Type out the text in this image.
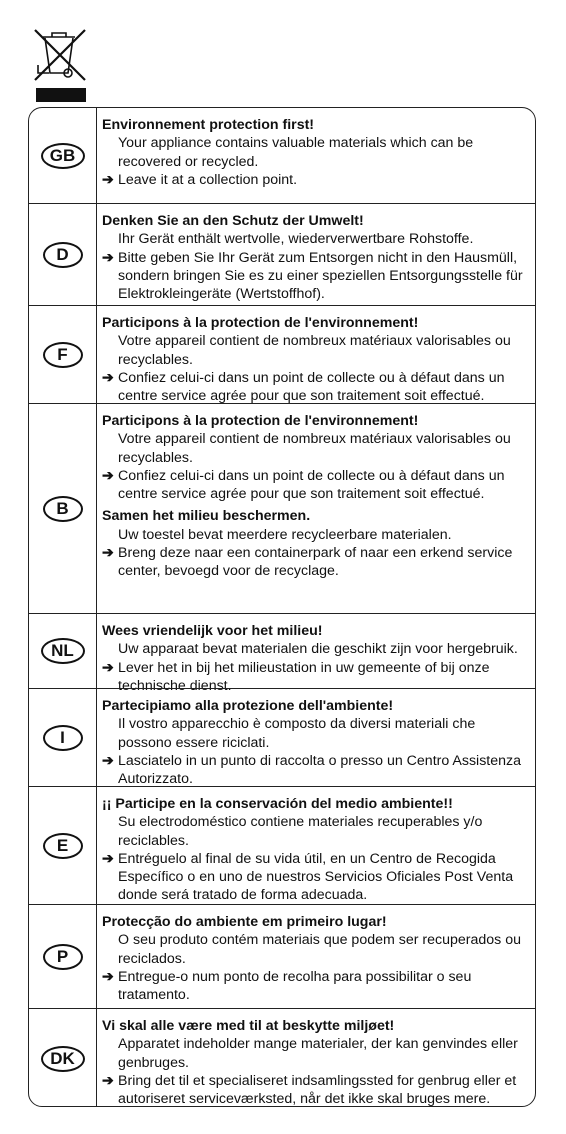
GB
Environnement protection first!
Your appliance contains valuable materials which can be recovered or recycled.
➔ Leave it at a collection point.
D
Denken Sie an den Schutz der Umwelt!
Ihr Gerät enthält wertvolle, wiederverwertbare Rohstoffe.
➔ Bitte geben Sie Ihr Gerät zum Entsorgen nicht in den Hausmüll, sondern bringen Sie es zu einer speziellen Entsorgungsstelle für Elektrokleingeräte (Wertstoffhof).
F
Participons à la protection de l'environnement!
Votre appareil contient de nombreux matériaux valorisables ou recyclables.
➔ Confiez celui-ci dans un point de collecte ou à défaut dans un centre service agrée pour que son traitement soit effectué.
B
Participons à la protection de l'environnement!
Votre appareil contient de nombreux matériaux valorisables ou recyclables.
➔ Confiez celui-ci dans un point de collecte ou à défaut dans un centre service agrée pour que son traitement soit effectué.
Samen het milieu beschermen.
Uw toestel bevat meerdere recycleerbare materialen.
➔ Breng deze naar een containerpark of naar een erkend service center, bevoegd voor de recyclage.
NL
Wees vriendelijk voor het milieu!
Uw apparaat bevat materialen die geschikt zijn voor hergebruik.
➔ Lever het in bij het milieustation in uw gemeente of bij onze technische dienst.
I
Partecipiamo alla protezione dell'ambiente!
Il vostro apparecchio è composto da diversi materiali che possono essere riciclati.
➔ Lasciatelo in un punto di raccolta o presso un Centro Assistenza Autorizzato.
E
¡¡ Participe en la conservación del medio ambiente!!
Su electrodoméstico contiene materiales recuperables y/o reciclables.
➔ Entréguelo al final de su vida útil, en un Centro de Recogida Específico o en uno de nuestros Servicios Oficiales Post Venta donde será tratado de forma adecuada.
P
Protecção do ambiente em primeiro lugar!
O seu produto contém materiais que podem ser recuperados ou reciclados.
➔ Entregue-o num ponto de recolha para possibilitar o seu tratamento.
DK
Vi skal alle være med til at beskytte miljøet!
Apparatet indeholder mange materialer, der kan genvindes eller genbruges.
➔ Bring det til et specialiseret indsamlingssted for genbrug eller et autoriseret serviceværksted, når det ikke skal bruges mere.
